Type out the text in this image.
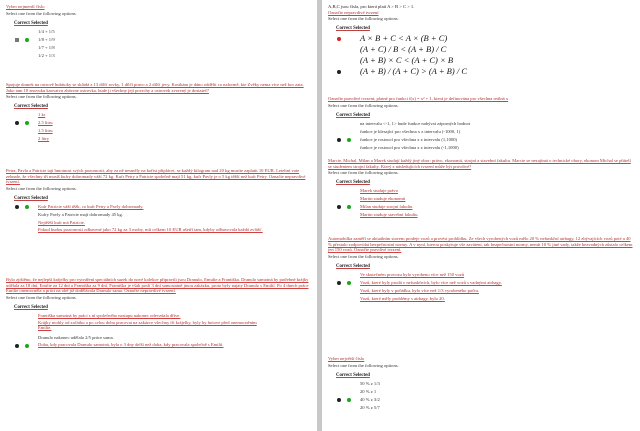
Vyber nejmenší číslo
Select one from the following options.
Correct Selected
1/4 + 1/5
1/8 + 1/9
1/7 + 1/8
1/2 + 1/3
Spojuje domek na ostrově hubitoky se skládá z 13 dílčí rovky, 1 dílčí pravo a 2 dílčí jevy. Kostkám je dáno oddělit co naformě, kte Zvěky nema více než kor zata. Jako tam 10 znovuku kaovatvu zbávrne ostrovka, bude ji všechny její povrchy a ostrovek zvorený je dostateč?
Select one from the following options.
Correct Selected
1 kr
2.5 litru
1.5 litru
2 litry
Petra, Pavla a Patricie tají hmotnost svých pozornosti, aby za ně nesměly na kořist připlácet, se každý kilogram nad 20 kg musíte zaplatit 10 EUR. Leteltní vate zehnale, že všechny tři musíš kufry dohromady váží 72 kg. Kufr Petry a Patricie společně mají 51 kg, kufr Pavly je o 5 kg těžší než kufr Petry. Označte nepravdivé tvrzení.
Select one from the following options.
Correct Selected
Kufr Patricie váží těžk, co kufr Petry a Pavly dohromady.
Kufry Pavly a Patricie mají dohromady 45 kg.
Nejtěžší kufr má Patricie.
Pokud budou pozornosti odbavené jako 72 kg za 3 osoby, mít celkem 10 EUR ušetří tam, kdyby odbavovala každá zvlášť.
Bylo zjištěno, že nejlepší krájelky pro vytváření speciálních sazek do nové kolekce připravili jsou Dranulo, Emulie a Františka. Dranulo samotná by potřebné krájky udělala za 18 dní, Emilie za 12 dní a Františka za 9 dní. Františka je však poslí 3 dní samostatně jinou zakázku, proto byly najaty Dranulo s Emilií. Po 4 dnech práce Emilie onemocněla a práci na obě již dodělávala Dranulo sama. Označte nepravdivé tvrzení.
Select one from the following options.
Correct Selected
Františka samotná by práci s ní společného nastupu nakonec odevzdala dříve.
Krájky mohly od začátku a po celou dobu pracovat na zakázce všechny tři krájelky, byly by hotove před onemocněním Emilie.
Dranulo nakonec udělala 2/5 práce sama.
Doba, kdy pracovala Dranulo samotná, byla o 3 dny delší než doba, kdy pracovala společně s Emilií.
A,B,C jsou čísla, pro která platí A > B > C > 1.
Označte nepravdivé tvrzení
Select one from the following options.
Correct Selected
A × B + C < A × (B + C)
(A + C) / B < (A + B) / C
(A + B) × C < (A + C) × B
(A + B) / (A + C) > (A + B) / C
Označte pravdivé tvrzení, platné pro funkci f(x) = x² + 1, která je definována pro všechna reálná x
Select one from the following options.
Correct Selected
na intervalu <-1, 1> bude funkce nabývat záporných hodnot
funkce je klesající pro všechna x z intervalu (-1000, 1)
funkce je rostoucí pro všechna x z intervalu (1,1000)
funkce je rostoucí pro všechna x z intervalu (-1,1000)
Marcie, Michal, Milan a Marek studují každý jiný obor: právo, ekonomii, strojní a stavební fakultu. Marcie se nezajímá o technické obory, ekonom Michal se přátelí se studentem strojní fakulty. Který z následujících tvrzení může být pravdivé?
Select one from the following options.
Correct Selected
Marek studuje právo
Martin studuje ekonomii
Milan studuje strojní fakultu
Martin studuje stavební fakultu
Automobilka zaměří se aktuálním stavem prodeje vozů a provést prohlídku. Ze všech vyrobených vozů mělo 20 % nefunkční airbagy, 12 zbývajících vozů poté a 40 % přestalo zodpovídat bezpečnostní normy. A v nyní, kterou poskytuje vše zaváteni, tak bezpečnostní normy, nemít 10 % jiné vady, takže bezvadných zůstalo celkem jen 150 vozů. Označte pravdivé tvrzení.
Select one from the following options.
Correct Selected
Ve skutečném provozu bylo vyrobeno více než 150 vozů
Vozů, které byly prodá v nefunkčních, bylo více než vozů s vadnými airbagy.
Vozů, které byly v pořádku, bylo více než 1/3 vyrobeného počtu.
Vozů, které měly problémy s airbagy, bylo 20.
Vyber největší číslo
Select one from the following options.
Correct Selected
50 % z 1/3
20 % z 1
40 % z 3/2
20 % z 5/7
